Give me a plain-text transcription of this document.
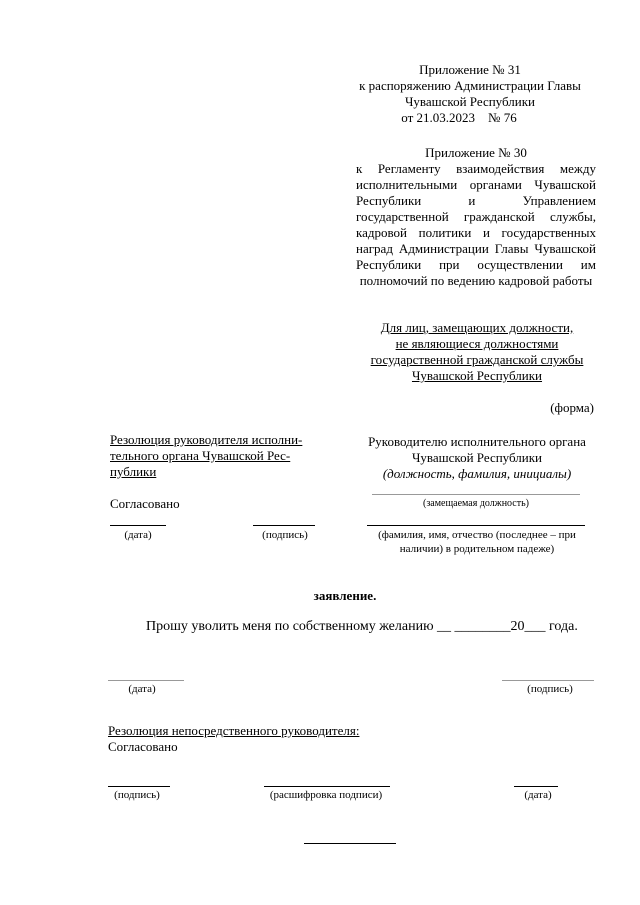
Приложение № 31
к распоряжению Администрации Главы
Чувашской Республики
от 21.03.2023    № 76
Приложение № 30
к Регламенту взаимодействия между исполнительными органами Чувашской Республики и Управлением государственной гражданской службы, кадровой политики и государственных наград Администрации Главы Чувашской Республики при осуществлении им полномочий по ведению кадровой работы
Для лиц, замещающих должности,
не являющиеся должностями
государственной гражданской службы
Чувашской Республики
(форма)
Резолюция руководителя исполни-
тельного органа Чувашской Рес-
публики
Согласовано
(дата)	(подпись)
Руководителю исполнительного органа
Чувашской Республики
(должность, фамилия, инициалы)
(замещаемая должность)
(фамилия, имя, отчество (последнее – при
наличии) в родительном падеже)
заявление.
Прошу уволить меня по собственному желанию __ ________20___ года.
(дата)	(подпись)
Резолюция непосредственного руководителя:
Согласовано
(подпись)	(расшифровка подписи)	(дата)
